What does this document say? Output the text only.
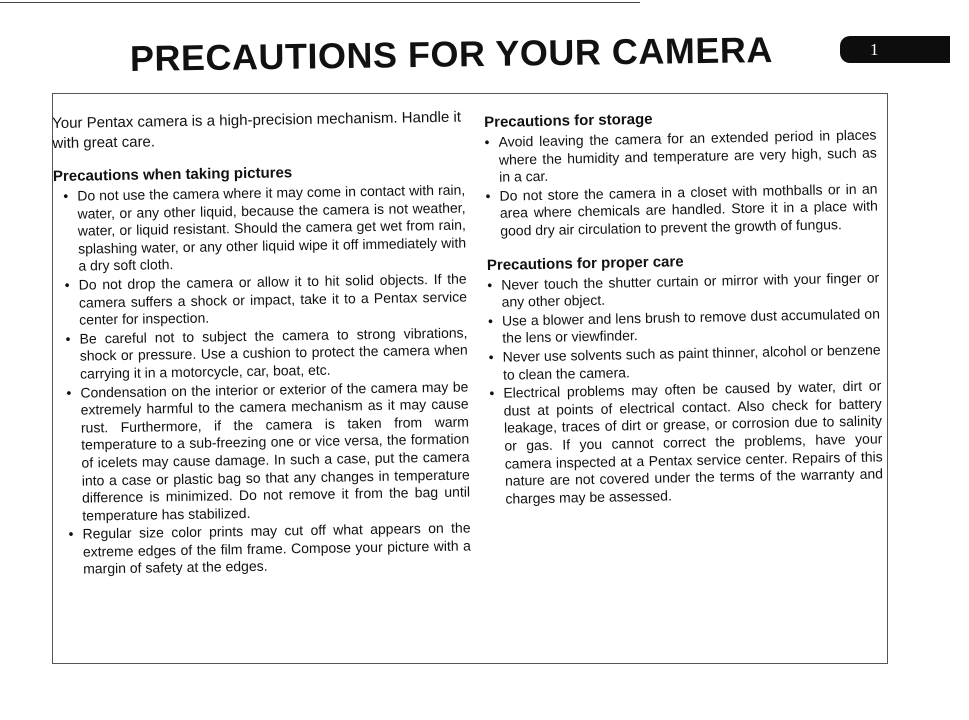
PRECAUTIONS FOR YOUR CAMERA	1

Your Pentax camera is a high-precision mechanism. Handle it with great care.

Precautions when taking pictures
• Do not use the camera where it may come in contact with rain, water, or any other liquid, because the camera is not weather, water, or liquid resistant. Should the camera get wet from rain, splashing water, or any other liquid wipe it off immediately with a dry soft cloth.
• Do not drop the camera or allow it to hit solid objects. If the camera suffers a shock or impact, take it to a Pentax service center for inspection.
• Be careful not to subject the camera to strong vibrations, shock or pressure. Use a cushion to protect the camera when carrying it in a motorcycle, car, boat, etc.
• Condensation on the interior or exterior of the camera may be extremely harmful to the camera mechanism as it may cause rust. Furthermore, if the camera is taken from warm temperature to a sub-freezing one or vice versa, the formation of icelets may cause damage. In such a case, put the camera into a case or plastic bag so that any changes in temperature difference is minimized. Do not remove it from the bag until temperature has stabilized.
• Regular size color prints may cut off what appears on the extreme edges of the film frame. Compose your picture with a margin of safety at the edges.
Precautions for storage
• Avoid leaving the camera for an extended period in places where the humidity and temperature are very high, such as in a car.
• Do not store the camera in a closet with mothballs or in an area where chemicals are handled. Store it in a place with good dry air circulation to prevent the growth of fungus.
Precautions for proper care
• Never touch the shutter curtain or mirror with your finger or any other object.
• Use a blower and lens brush to remove dust accumulated on the lens or viewfinder.
• Never use solvents such as paint thinner, alcohol or benzene to clean the camera.
• Electrical problems may often be caused by water, dirt or dust at points of electrical contact. Also check for battery leakage, traces of dirt or grease, or corrosion due to salinity or gas. If you cannot correct the problems, have your camera inspected at a Pentax service center. Repairs of this nature are not covered under the terms of the warranty and charges may be assessed.
